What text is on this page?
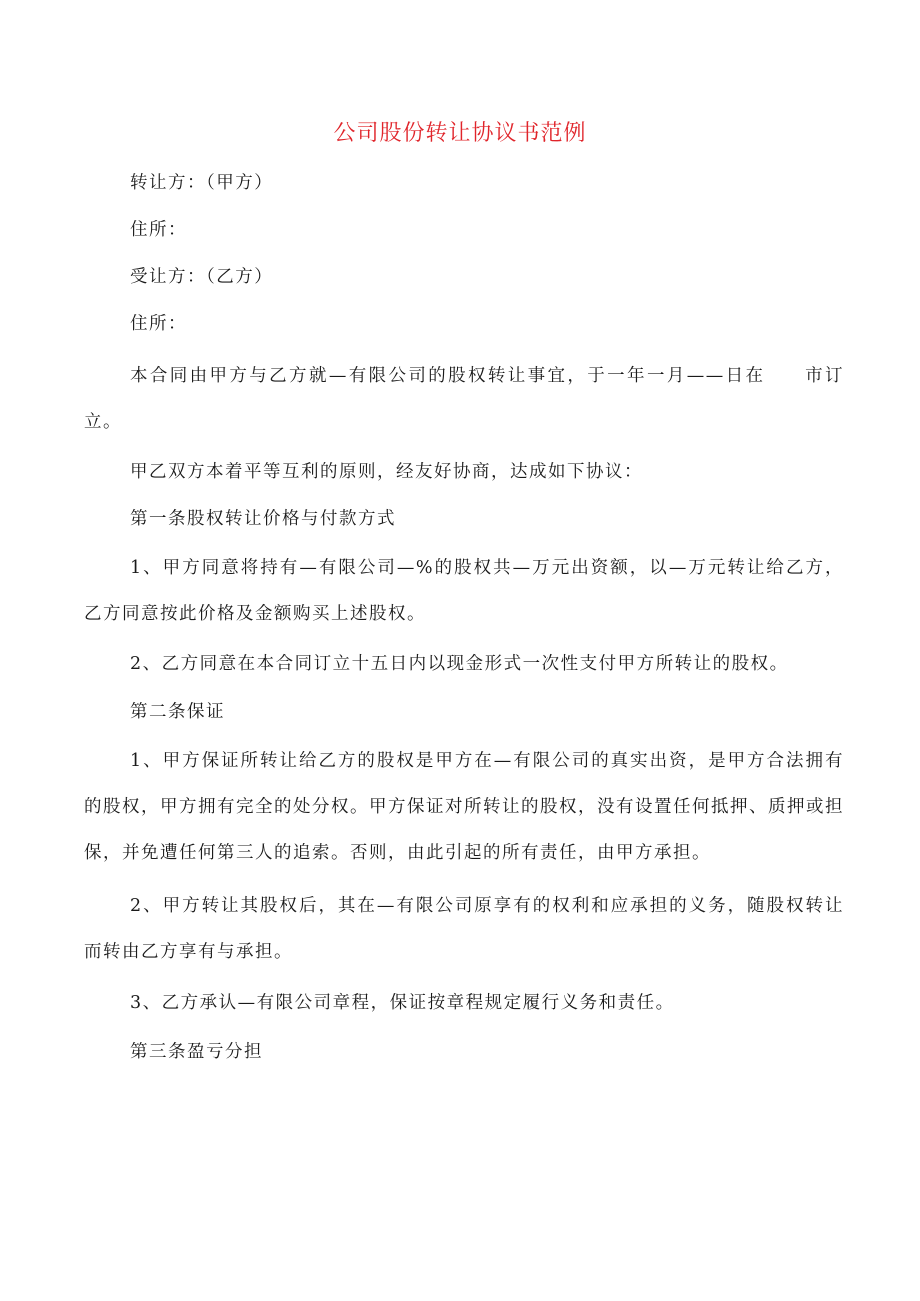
公司股份转让协议书范例

转让方：（甲方）

住所：

受让方：（乙方）

住所：

本合同由甲方与乙方就—有限公司的股权转让事宜，于一年一月——日在　　市订立。

甲乙双方本着平等互利的原则，经友好协商，达成如下协议：

第一条股权转让价格与付款方式

1、甲方同意将持有—有限公司—%的股权共—万元出资额，以—万元转让给乙方，乙方同意按此价格及金额购买上述股权。

2、乙方同意在本合同订立十五日内以现金形式一次性支付甲方所转让的股权。

第二条保证

1、甲方保证所转让给乙方的股权是甲方在—有限公司的真实出资，是甲方合法拥有的股权，甲方拥有完全的处分权。甲方保证对所转让的股权，没有设置任何抵押、质押或担保，并免遭任何第三人的追索。否则，由此引起的所有责任，由甲方承担。

2、甲方转让其股权后，其在—有限公司原享有的权利和应承担的义务，随股权转让而转由乙方享有与承担。

3、乙方承认—有限公司章程，保证按章程规定履行义务和责任。

第三条盈亏分担
